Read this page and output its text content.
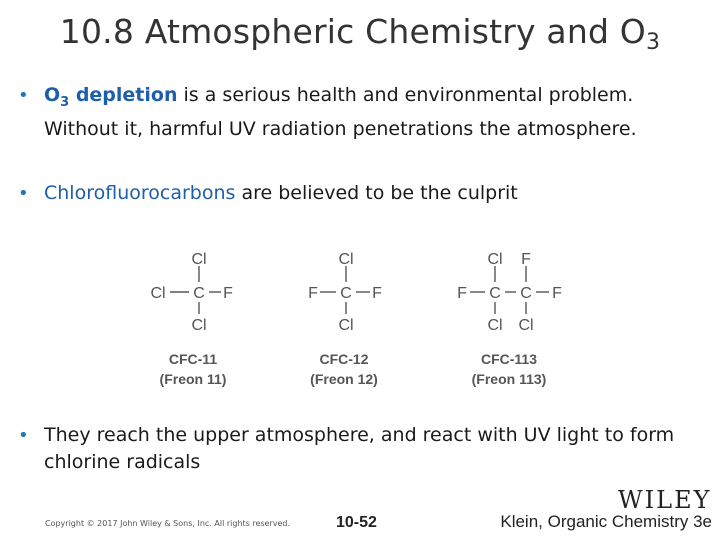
10.8 Atmospheric Chemistry and $O_3$
• $O_3$ depletion is a serious health and environmental problem. Without it, harmful UV radiation penetrations the atmosphere.
• Chlorofluorocarbons are believed to be the culprit
Cl
Cl C F
Cl
Cl
F C F
Cl
Cl F
F C C F
Cl Cl
CFC-11
(Freon 11)
CFC-12
(Freon 12)
CFC-113
(Freon 113)
• They reach the upper atmosphere, and react with UV light to form chlorine radicals
WILEY
Copyright © 2017 John Wiley & Sons, Inc. All rights reserved.	10-52	Klein, Organic Chemistry 3e
